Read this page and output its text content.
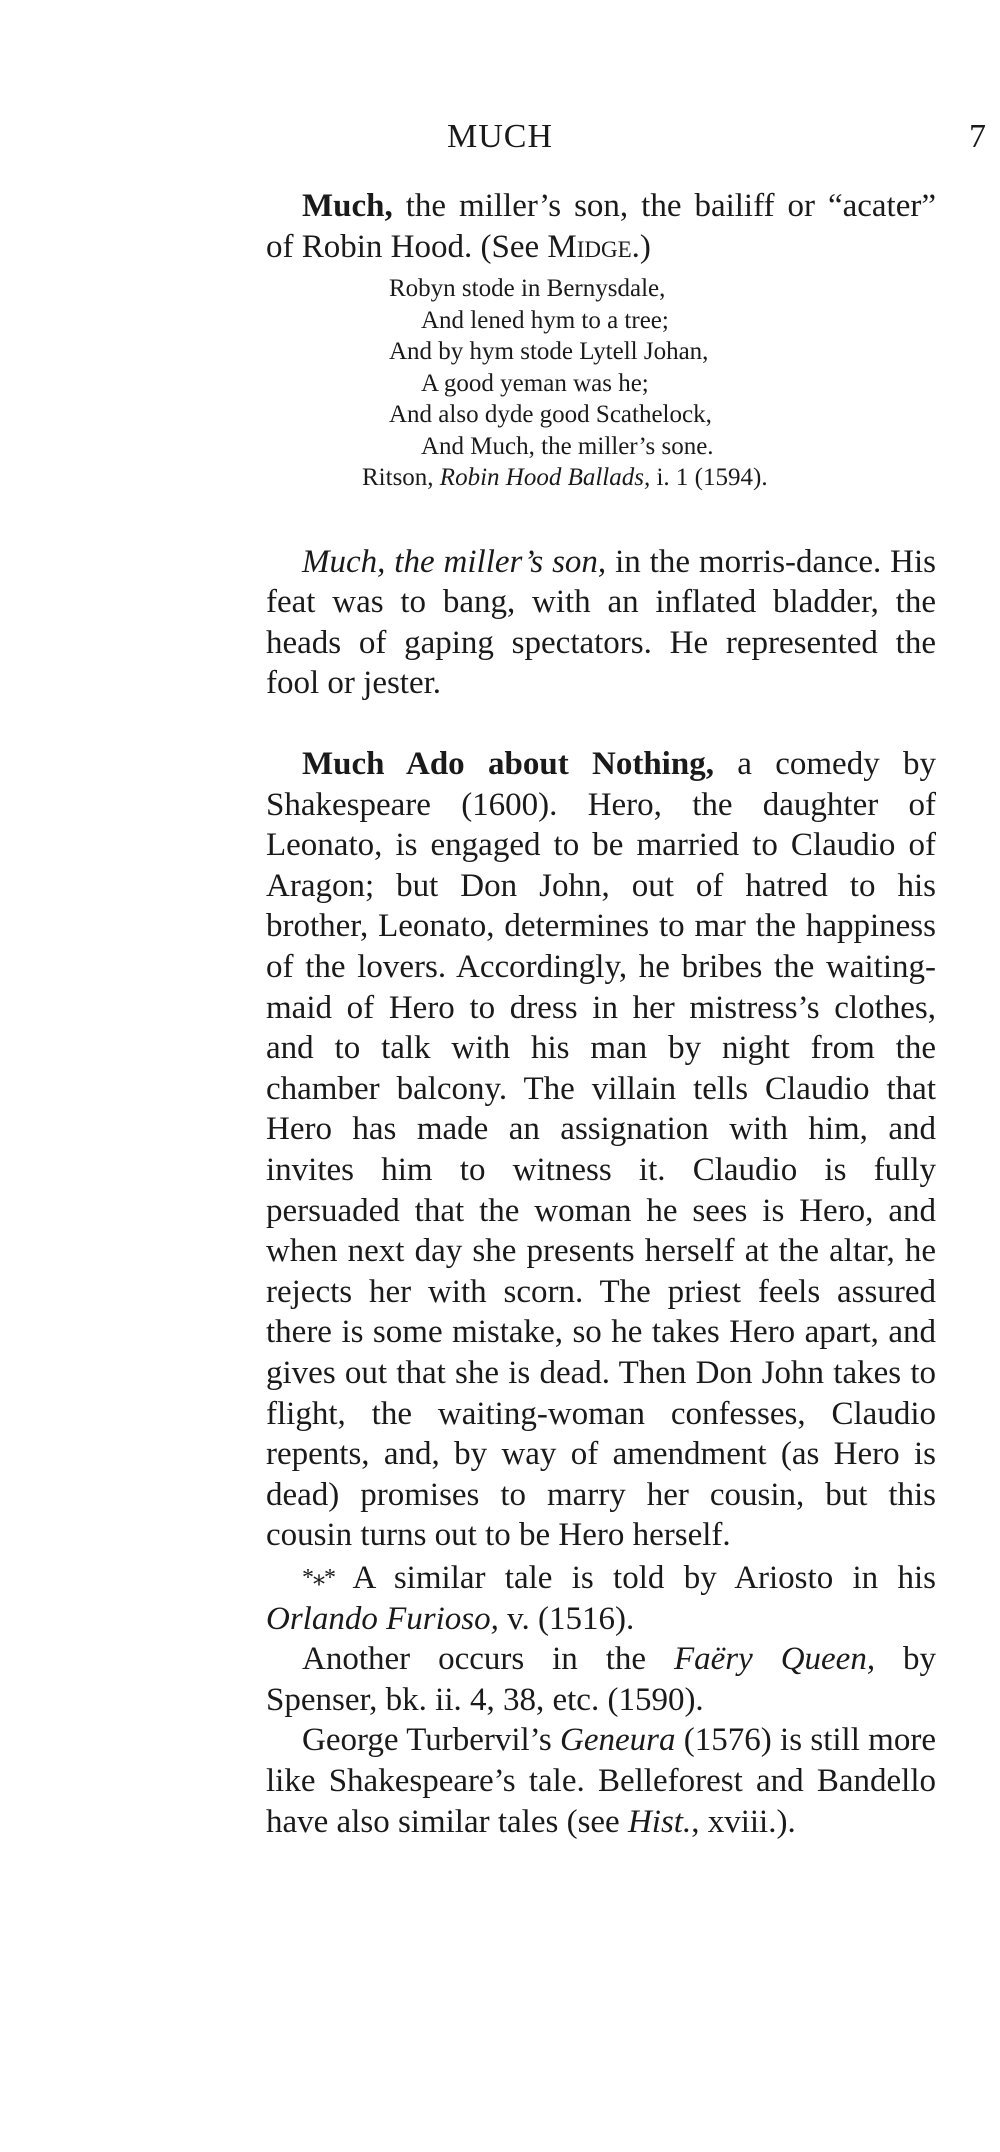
MUCH	7

Much, the miller’s son, the bailiff or “acater” of Robin Hood. (See Midge.)

Robyn stode in Bernysdale,
And lened hym to a tree;
And by hym stode Lytell Johan,
A good yeman was he;
And also dyde good Scathelock,
And Much, the miller’s sone.
Ritson, Robin Hood Ballads, i. 1 (1594).

Much, the miller’s son, in the morris-dance. His feat was to bang, with an inflated bladder, the heads of gaping spectators. He represented the fool or jester.

Much Ado about Nothing, a comedy by Shakespeare (1600). Hero, the daughter of Leonato, is engaged to be married to Claudio of Aragon; but Don John, out of hatred to his brother, Leonato, determines to mar the happiness of the lovers. Accordingly, he bribes the waiting-maid of Hero to dress in her mistress’s clothes, and to talk with his man by night from the chamber balcony. The villain tells Claudio that Hero has made an assignation with him, and invites him to witness it. Claudio is fully persuaded that the woman he sees is Hero, and when next day she presents herself at the altar, he rejects her with scorn. The priest feels assured there is some mistake, so he takes Hero apart, and gives out that she is dead. Then Don John takes to flight, the waiting-woman confesses, Claudio repents, and, by way of amendment (as Hero is dead) promises to marry her cousin, but this cousin turns out to be Hero herself.

*⁎* A similar tale is told by Ariosto in his Orlando Furioso, v. (1516).

Another occurs in the Faëry Queen, by Spenser, bk. ii. 4, 38, etc. (1590).

George Turbervil’s Geneura (1576) is still more like Shakespeare’s tale. Belleforest and Bandello have also similar tales (see Hist., xviii.).
